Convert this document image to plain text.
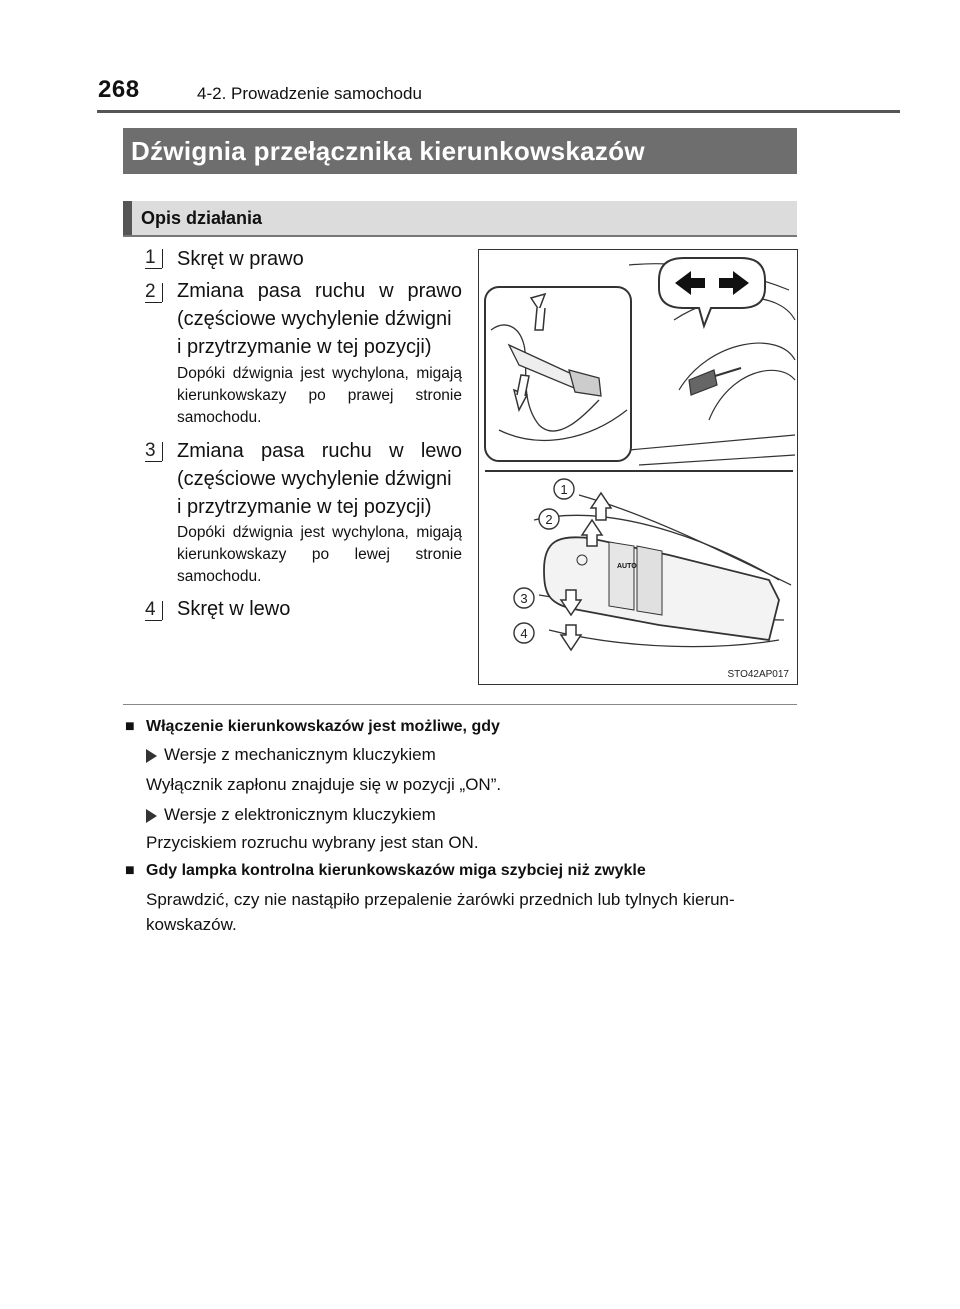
268	4-2. Prowadzenie samochodu
Dźwignia przełącznika kierunkowskazów
Opis działania
1	Skręt w prawo
2	Zmiana pasa ruchu w prawo
(częściowe wychylenie dźwigni
i przytrzymanie w tej pozycji)
Dopóki dźwignia jest wychylona, migają kierunkowskazy po prawej stronie samochodu.
3	Zmiana pasa ruchu w lewo
(częściowe wychylenie dźwigni
i przytrzymanie w tej pozycji)
Dopóki dźwignia jest wychylona, migają kierunkowskazy po lewej stronie samochodu.
4	Skręt w lewo
AUTO
1
2
3
4
STO42AP017
■ Włączenie kierunkowskazów jest możliwe, gdy
Wersje z mechanicznym kluczykiem
Wyłącznik zapłonu znajduje się w pozycji „ON”.
Wersje z elektronicznym kluczykiem
Przyciskiem rozruchu wybrany jest stan ON.
■ Gdy lampka kontrolna kierunkowskazów miga szybciej niż zwykle
Sprawdzić, czy nie nastąpiło przepalenie żarówki przednich lub tylnych kierun-
kowskazów.
